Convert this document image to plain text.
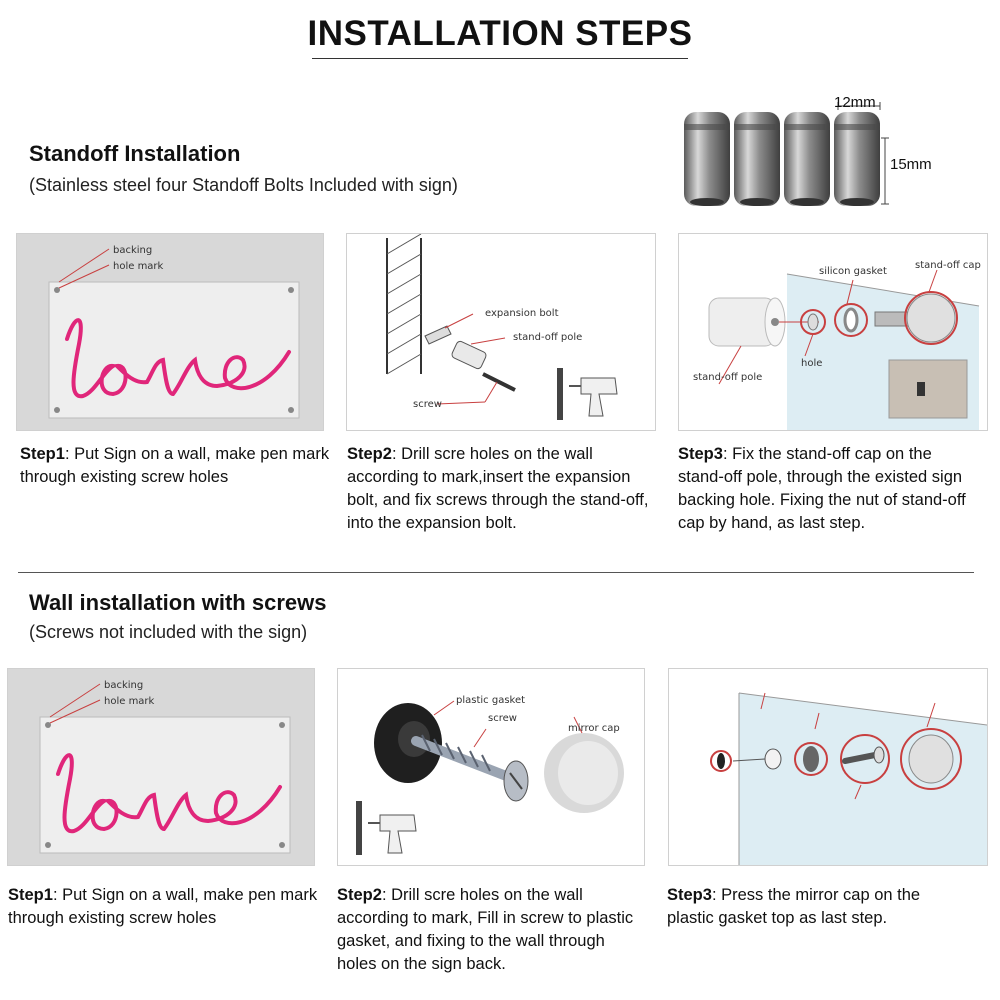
INSTALLATION STEPS
Standoff Installation
(Stainless steel four Standoff Bolts Included with sign)
12mm
15mm
backing
hole mark
expansion bolt
stand-off pole
screw
silicon gasket
stand-off cap
hole
stand-off pole
Step1: Put Sign on a wall, make pen mark through existing screw holes
Step2: Drill scre holes on the wall according to mark,insert the expansion bolt, and fix screws through the stand-off, into the expansion bolt.
Step3: Fix the stand-off cap on the stand-off pole, through the existed sign backing hole. Fixing the nut of stand-off cap by hand, as last step.
Wall installation with screws
(Screws not included with the sign)
backing
hole mark	plastic gasket
screw
mirror cap
Step1: Put Sign on a wall, make pen mark through existing screw holes
Step2: Drill scre holes on the wall according to mark, Fill in screw to plastic gasket, and fixing to the wall through holes on the sign back.
Step3: Press the mirror cap on the plastic gasket top as last step.
